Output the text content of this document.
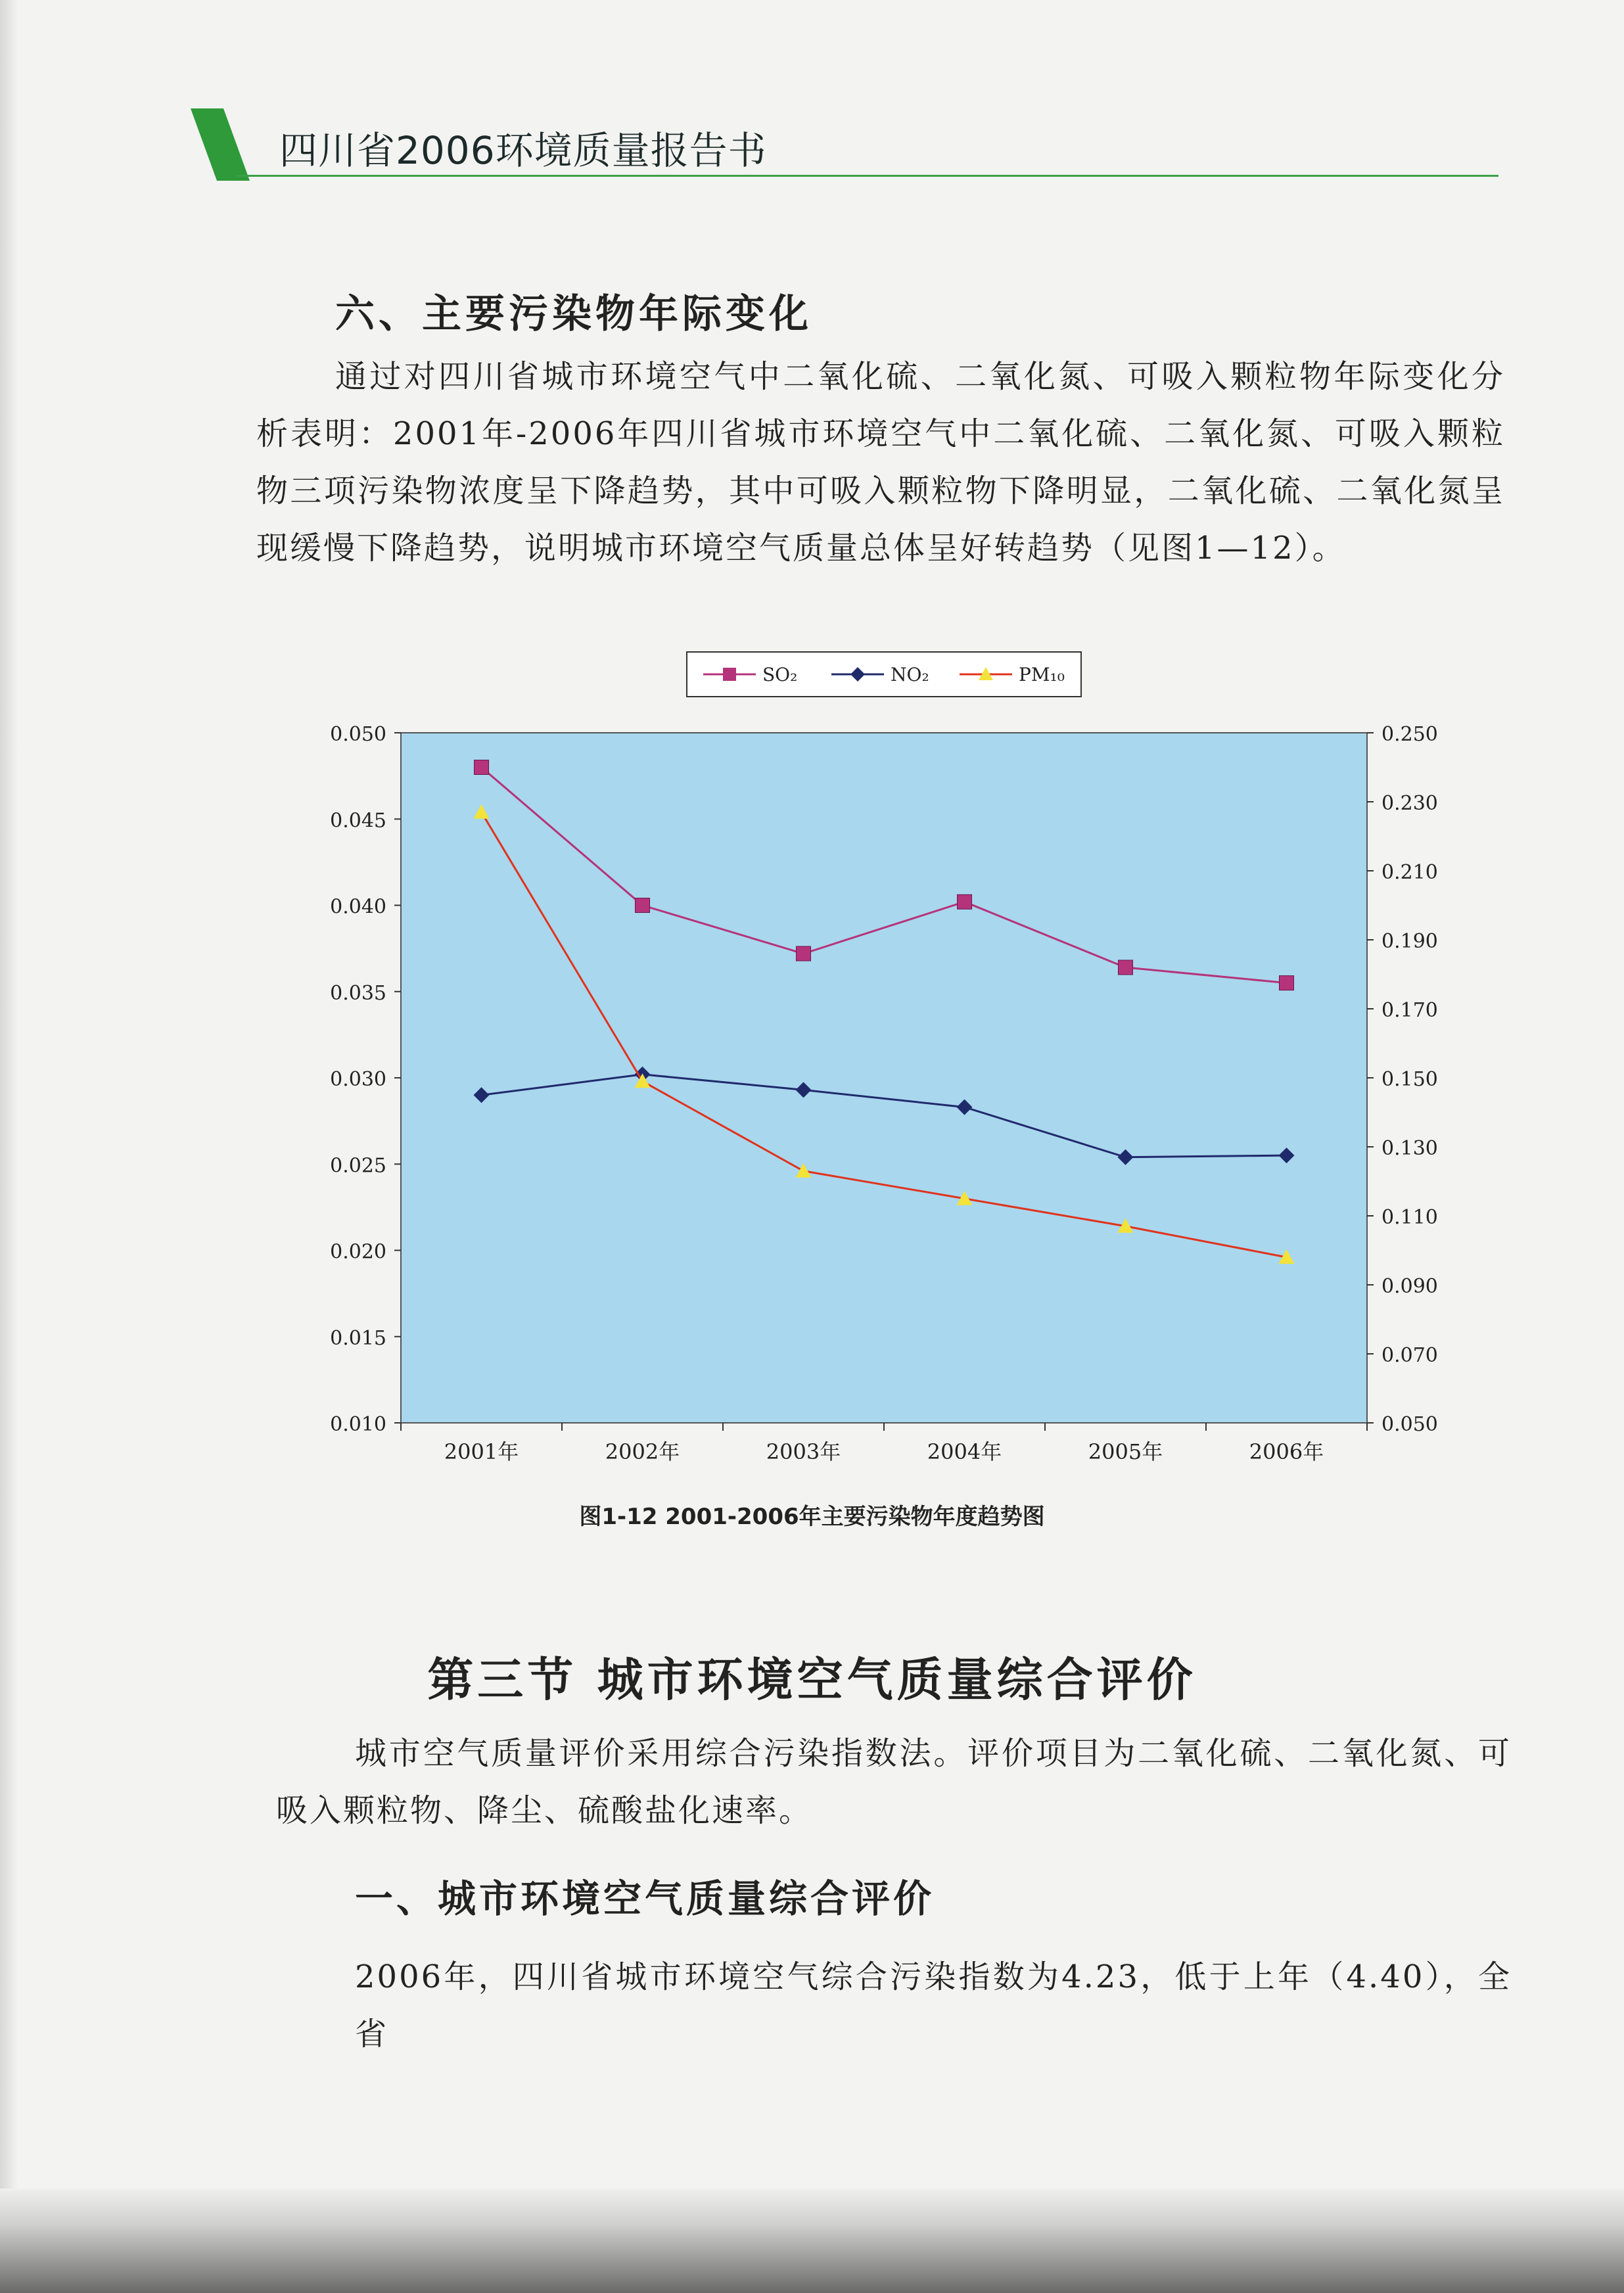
四川省2006环境质量报告书
六、主要污染物年际变化

通过对四川省城市环境空气中二氧化硫、二氧化氮、可吸入颗粒物年际变化分析表明：2001年-2006年四川省城市环境空气中二氧化硫、二氧化氮、可吸入颗粒物三项污染物浓度呈下降趋势，其中可吸入颗粒物下降明显，二氧化硫、二氧化氮呈现缓慢下降趋势，说明城市环境空气质量总体呈好转趋势（见图1—12）。

0.050
0.045
0.040
0.035
0.030
0.025
0.020
0.015
0.010
0.250
0.230
0.210
0.190
0.170
0.150
0.130
0.110
0.090
0.070
0.050
2001年	2002年	2003年	2004年	2005年	2006年
SO₂	NO₂	PM₁₀
图1-12 2001-2006年主要污染物年度趋势图
第三节 城市环境空气质量综合评价

城市空气质量评价采用综合污染指数法。评价项目为二氧化硫、二氧化氮、可吸入颗粒物、降尘、硫酸盐化速率。

一、城市环境空气质量综合评价

2006年，四川省城市环境空气综合污染指数为4.23，低于上年（4.40），全省
